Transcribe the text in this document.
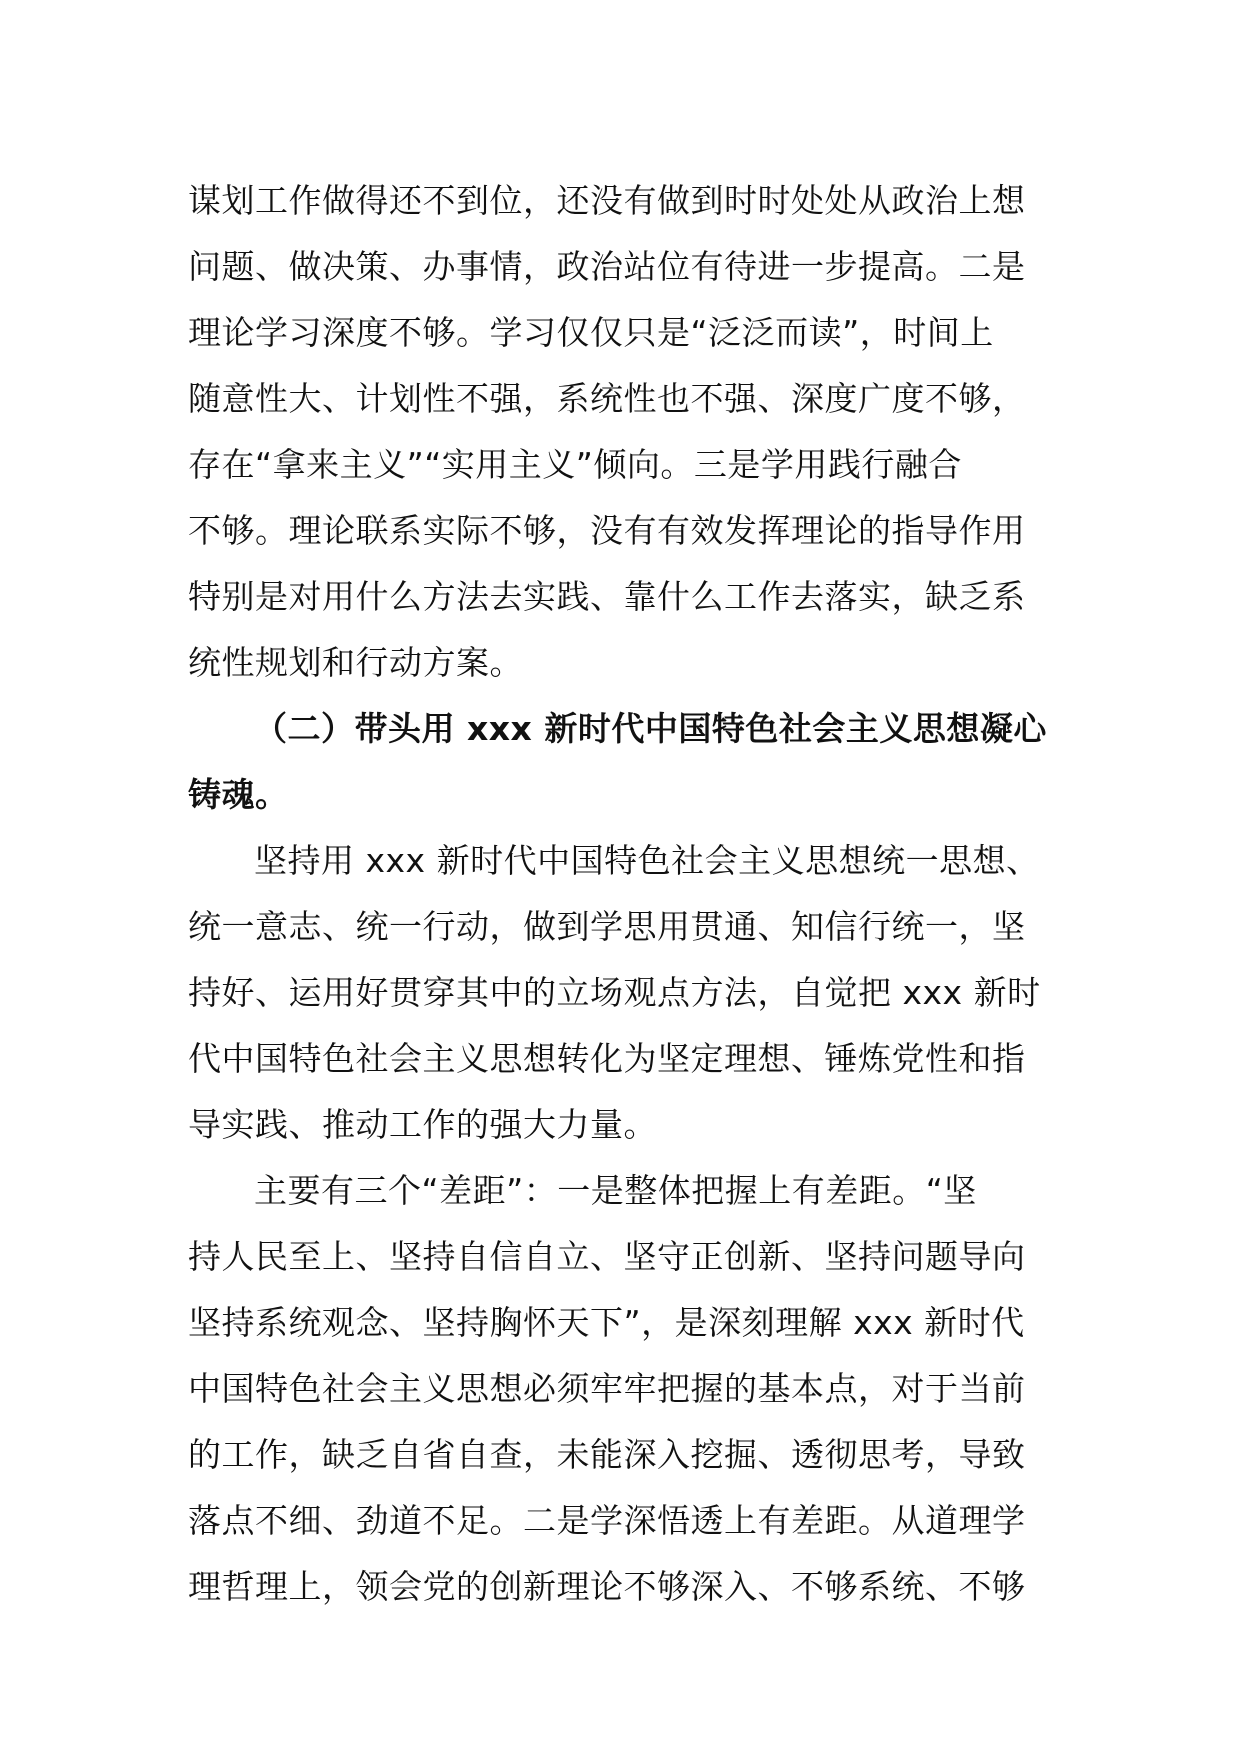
谋划工作做得还不到位，还没有做到时时处处从政治上想
问题、做决策、办事情，政治站位有待进一步提高。二是
理论学习深度不够。学习仅仅只是“泛泛而读”，时间上
随意性大、计划性不强，系统性也不强、深度广度不够，
存在“拿来主义”“实用主义”倾向。三是学用践行融合
不够。理论联系实际不够，没有有效发挥理论的指导作用
特别是对用什么方法去实践、靠什么工作去落实，缺乏系
统性规划和行动方案。
（二）带头用 xxx 新时代中国特色社会主义思想凝心
铸魂。
坚持用 xxx 新时代中国特色社会主义思想统一思想、
统一意志、统一行动，做到学思用贯通、知信行统一，坚
持好、运用好贯穿其中的立场观点方法，自觉把 xxx 新时
代中国特色社会主义思想转化为坚定理想、锤炼党性和指
导实践、推动工作的强大力量。
主要有三个“差距”：一是整体把握上有差距。“坚
持人民至上、坚持自信自立、坚守正创新、坚持问题导向
坚持系统观念、坚持胸怀天下”，是深刻理解 xxx 新时代
中国特色社会主义思想必须牢牢把握的基本点，对于当前
的工作，缺乏自省自查，未能深入挖掘、透彻思考，导致
落点不细、劲道不足。二是学深悟透上有差距。从道理学
理哲理上，领会党的创新理论不够深入、不够系统、不够
